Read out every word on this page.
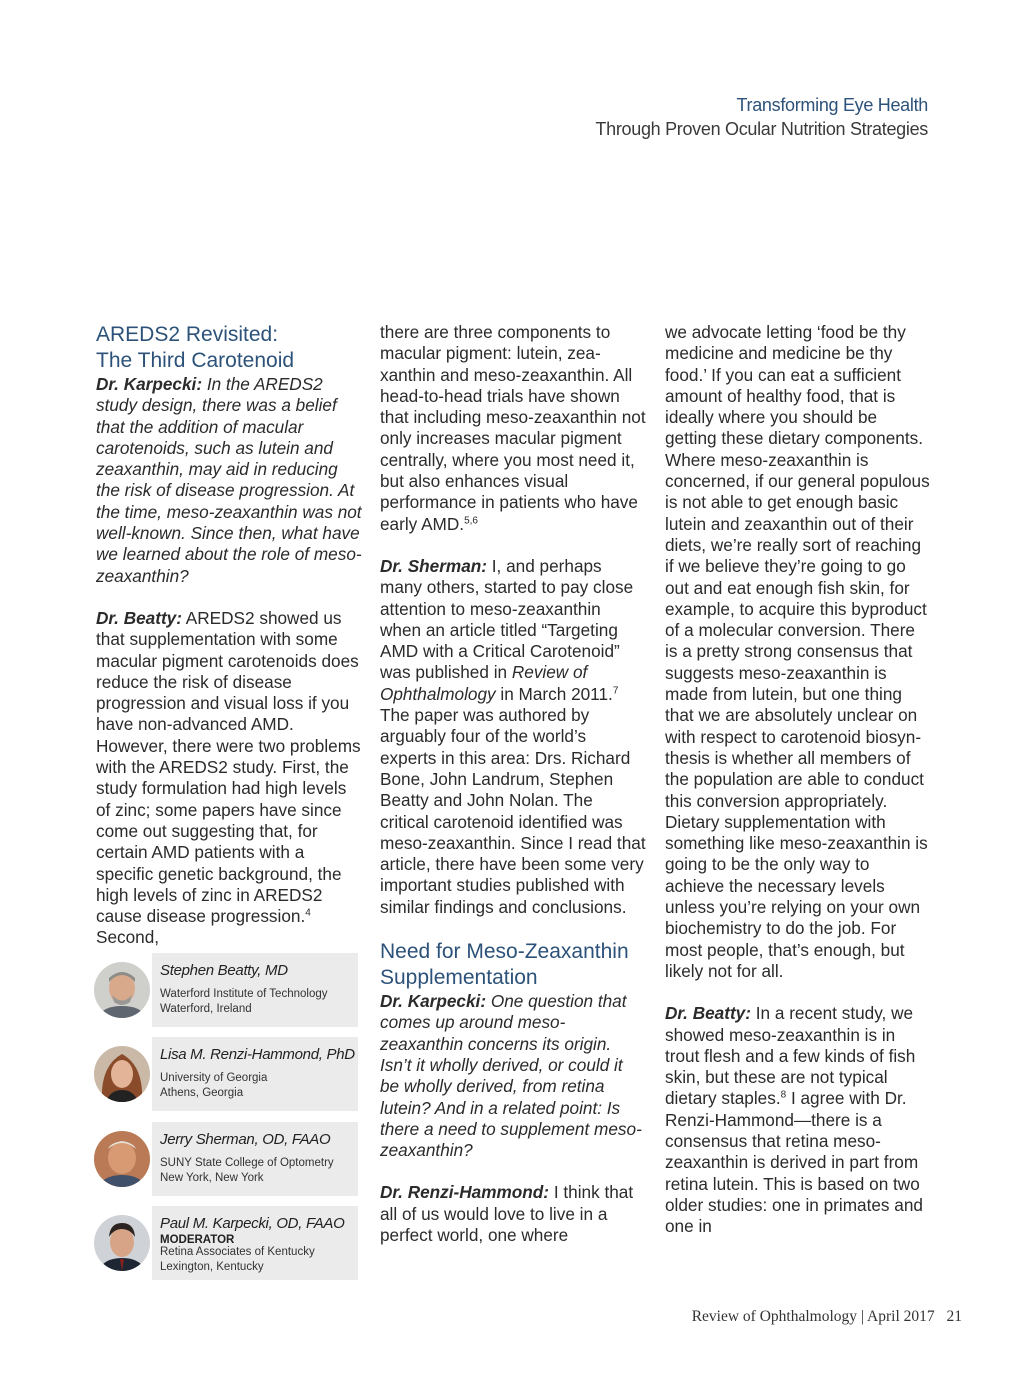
Transforming Eye Health
Through Proven Ocular Nutrition Strategies
AREDS2 Revisited:
The Third Carotenoid

Dr. Karpecki: In the AREDS2 study design, there was a belief that the addition of macular carotenoids, such as lutein and zeaxanthin, may aid in reducing the risk of disease progression. At the time, meso-zeaxanthin was not well-known. Since then, what have we learned about the role of meso-zeaxanthin?

Dr. Beatty: AREDS2 showed us that supplementation with some macular pigment carotenoids does reduce the risk of disease progression and visual loss if you have non-advanced AMD. However, there were two problems with the AREDS2 study. First, the study formulation had high levels of zinc; some papers have since come out suggesting that, for certain AMD patients with a specific genetic background, the high levels of zinc in AREDS2 cause disease progression.$^4$ Second,

Stephen Beatty, MD
Waterford Institute of Technology
Waterford, Ireland
Lisa M. Renzi-Hammond, PhD
University of Georgia
Athens, Georgia
Jerry Sherman, OD, FAAO
SUNY State College of Optometry
New York, New York
Paul M. Karpecki, OD, FAAO
MODERATOR
Retina Associates of Kentucky
Lexington, Kentucky

there are three components to macular pigment: lutein, zeaxanthin and meso-zeaxanthin. All head-to-head trials have shown that including meso-zeaxanthin not only increases macular pigment centrally, where you most need it, but also enhances visual performance in patients who have early AMD.$^{5,6}$

Dr. Sherman: I, and perhaps many others, started to pay close attention to meso-zeaxanthin when an article titled “Targeting AMD with a Critical Carotenoid” was published in Review of Ophthalmology in March 2011.$^7$ The paper was authored by arguably four of the world’s experts in this area: Drs. Richard Bone, John Landrum, Stephen Beatty and John Nolan. The critical carotenoid identified was meso-zeaxanthin. Since I read that article, there have been some very important studies published with similar findings and conclusions.

Need for Meso-Zeaxanthin
Supplementation

Dr. Karpecki: One question that comes up around meso-zeaxanthin concerns its origin. Isn’t it wholly derived, or could it be wholly derived, from retina lutein? And in a related point: Is there a need to supplement meso-zeaxanthin?

Dr. Renzi-Hammond: I think that all of us would love to live in a perfect world, one where

we advocate letting ‘food be thy medicine and medicine be thy food.’ If you can eat a sufficient amount of healthy food, that is ideally where you should be getting these dietary components. Where meso-zeaxanthin is concerned, if our general populous is not able to get enough basic lutein and zeaxanthin out of their diets, we’re really sort of reaching if we believe they’re going to go out and eat enough fish skin, for example, to acquire this byproduct of a molecular conversion. There is a pretty strong consensus that suggests meso-zeaxanthin is made from lutein, but one thing that we are absolutely unclear on with respect to carotenoid biosynthesis is whether all members of the population are able to conduct this conversion appropriately. Dietary supplementation with something like meso-zeaxanthin is going to be the only way to achieve the necessary levels unless you’re relying on your own biochemistry to do the job. For most people, that’s enough, but likely not for all.

Dr. Beatty: In a recent study, we showed meso-zeaxanthin is in trout flesh and a few kinds of fish skin, but these are not typical dietary staples.$^8$ I agree with Dr. Renzi-Hammond—there is a consensus that retina meso-zeaxanthin is derived in part from retina lutein. This is based on two older studies: one in primates and one in

Review of Ophthalmology | April 2017 21
